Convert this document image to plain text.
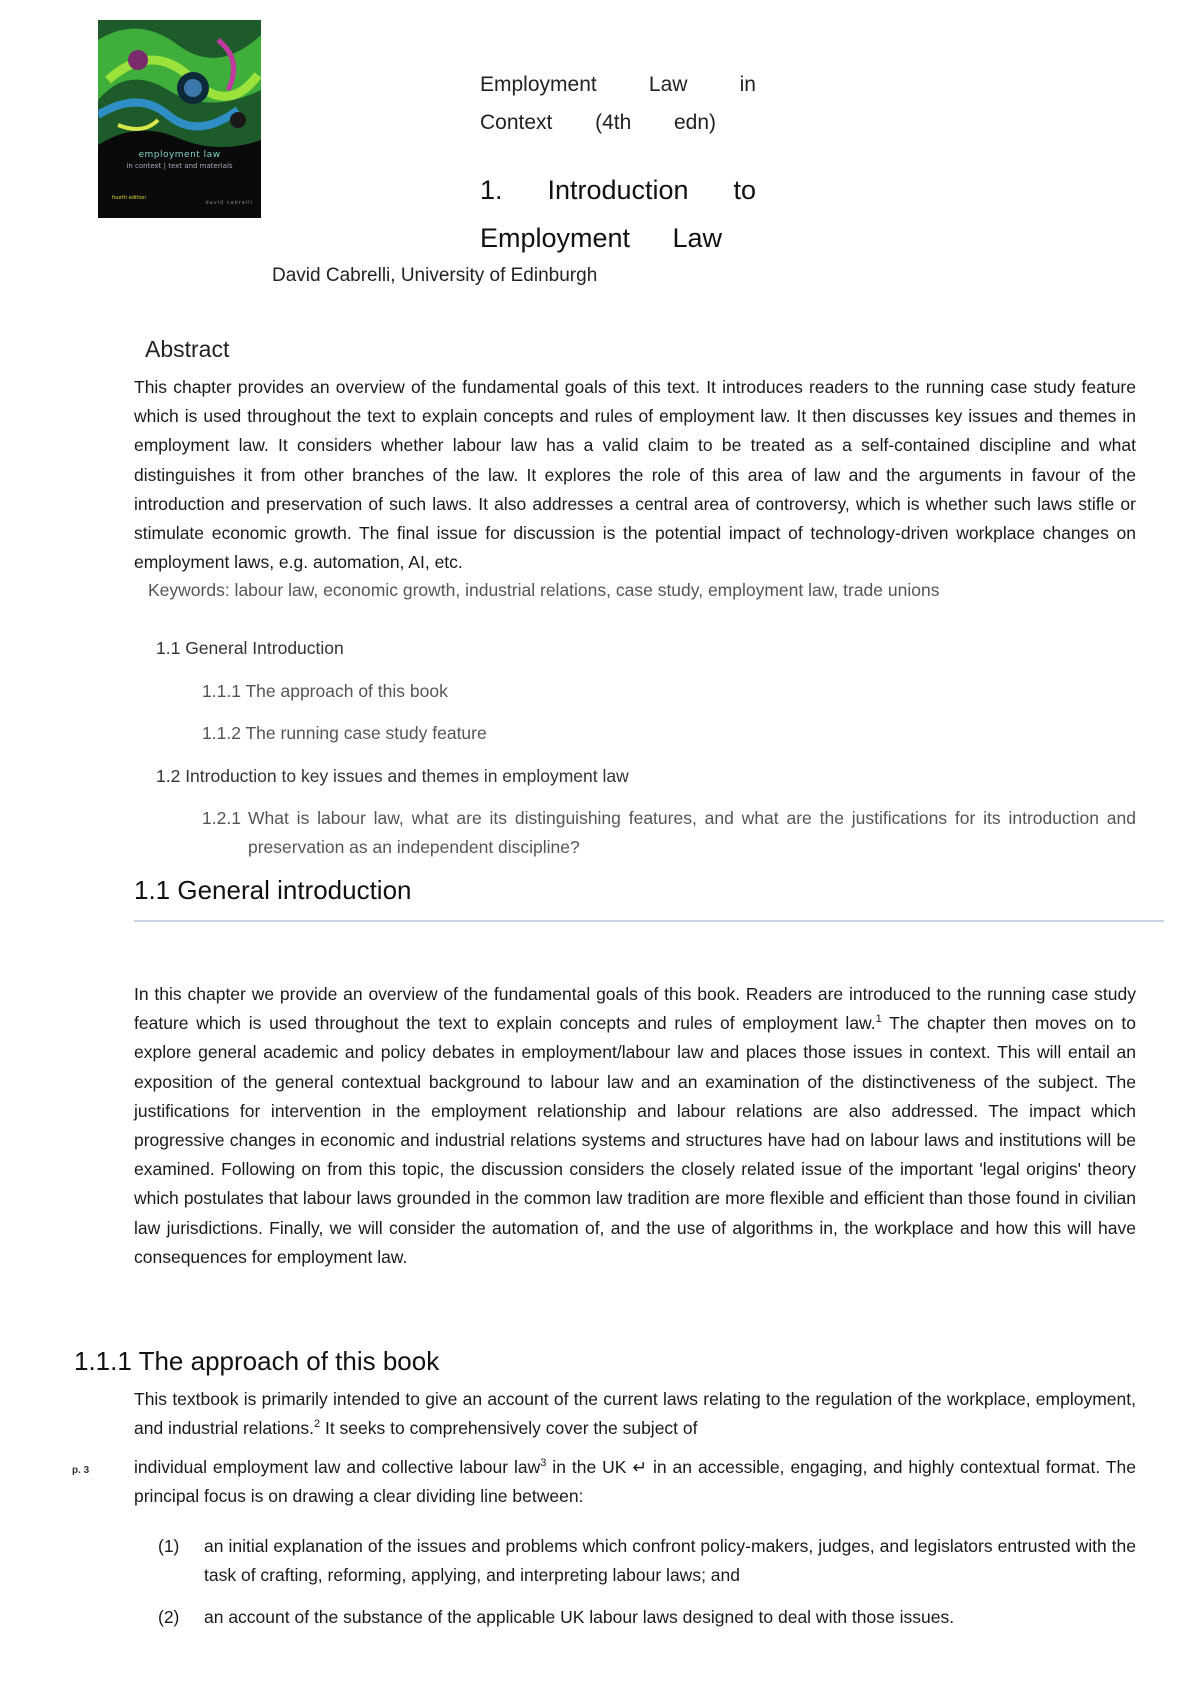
employment law
in context | text and materials
fourth edition
david cabrelli
Employment Law in
Context (4th edn)
1. Introduction to
Employment Law
David Cabrelli, University of Edinburgh
Abstract
This chapter provides an overview of the fundamental goals of this text. It introduces readers to the running case study feature which is used throughout the text to explain concepts and rules of employment law. It then discusses key issues and themes in employment law. It considers whether labour law has a valid claim to be treated as a self-contained discipline and what distinguishes it from other branches of the law. It explores the role of this area of law and the arguments in favour of the introduction and preservation of such laws. It also addresses a central area of controversy, which is whether such laws stifle or stimulate economic growth. The final issue for discussion is the potential impact of technology-driven workplace changes on employment laws, e.g. automation, AI, etc.
Keywords: labour law, economic growth, industrial relations, case study, employment law, trade unions
1.1 General Introduction
1.1.1 The approach of this book
1.1.2 The running case study feature
1.2 Introduction to key issues and themes in employment law
1.2.1 What is labour law, what are its distinguishing features, and what are the justifications for its introduction and preservation as an independent discipline?
1.1 General introduction
In this chapter we provide an overview of the fundamental goals of this book. Readers are introduced to the running case study feature which is used throughout the text to explain concepts and rules of employment law.$^1$ The chapter then moves on to explore general academic and policy debates in employment/labour law and places those issues in context. This will entail an exposition of the general contextual background to labour law and an examination of the distinctiveness of the subject. The justifications for intervention in the employment relationship and labour relations are also addressed. The impact which progressive changes in economic and industrial relations systems and structures have had on labour laws and institutions will be examined. Following on from this topic, the discussion considers the closely related issue of the important 'legal origins' theory which postulates that labour laws grounded in the common law tradition are more flexible and efficient than those found in civilian law jurisdictions. Finally, we will consider the automation of, and the use of algorithms in, the workplace and how this will have consequences for employment law.
1.1.1 The approach of this book
This textbook is primarily intended to give an account of the current laws relating to the regulation of the workplace, employment, and industrial relations.$^2$ It seeks to comprehensively cover the subject of
p. 3	individual employment law and collective labour law$^3$ in the UK ↵ in an accessible, engaging, and highly contextual format. The principal focus is on drawing a clear dividing line between:
(1)	an initial explanation of the issues and problems which confront policy-makers, judges, and legislators entrusted with the task of crafting, reforming, applying, and interpreting labour laws; and
(2)	an account of the substance of the applicable UK labour laws designed to deal with those issues.
